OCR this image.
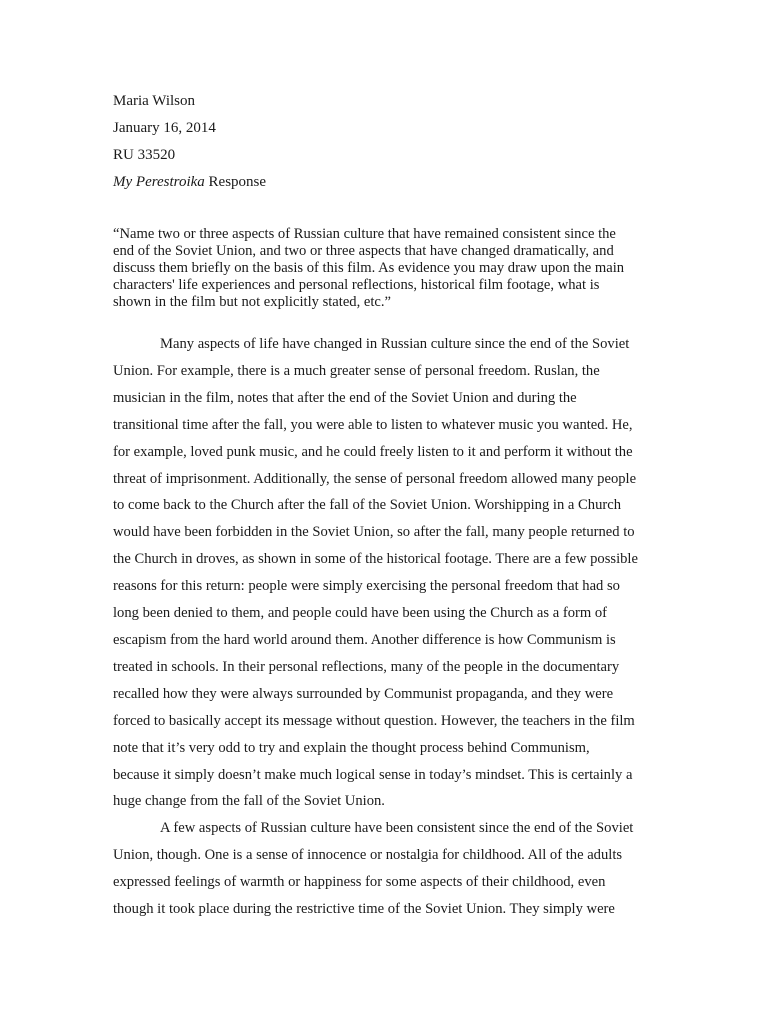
Maria Wilson
January 16, 2014
RU 33520
My Perestroika Response
“Name two or three aspects of Russian culture that have remained consistent since the
end of the Soviet Union, and two or three aspects that have changed dramatically, and
discuss them briefly on the basis of this film. As evidence you may draw upon the main
characters' life experiences and personal reflections, historical film footage, what is
shown in the film but not explicitly stated, etc.”

Many aspects of life have changed in Russian culture since the end of the Soviet
Union. For example, there is a much greater sense of personal freedom. Ruslan, the
musician in the film, notes that after the end of the Soviet Union and during the
transitional time after the fall, you were able to listen to whatever music you wanted. He,
for example, loved punk music, and he could freely listen to it and perform it without the
threat of imprisonment. Additionally, the sense of personal freedom allowed many people
to come back to the Church after the fall of the Soviet Union. Worshipping in a Church
would have been forbidden in the Soviet Union, so after the fall, many people returned to
the Church in droves, as shown in some of the historical footage. There are a few possible
reasons for this return: people were simply exercising the personal freedom that had so
long been denied to them, and people could have been using the Church as a form of
escapism from the hard world around them. Another difference is how Communism is
treated in schools. In their personal reflections, many of the people in the documentary
recalled how they were always surrounded by Communist propaganda, and they were
forced to basically accept its message without question. However, the teachers in the film
note that it’s very odd to try and explain the thought process behind Communism,
because it simply doesn’t make much logical sense in today’s mindset. This is certainly a
huge change from the fall of the Soviet Union.

A few aspects of Russian culture have been consistent since the end of the Soviet
Union, though. One is a sense of innocence or nostalgia for childhood. All of the adults
expressed feelings of warmth or happiness for some aspects of their childhood, even
though it took place during the restrictive time of the Soviet Union. They simply were
